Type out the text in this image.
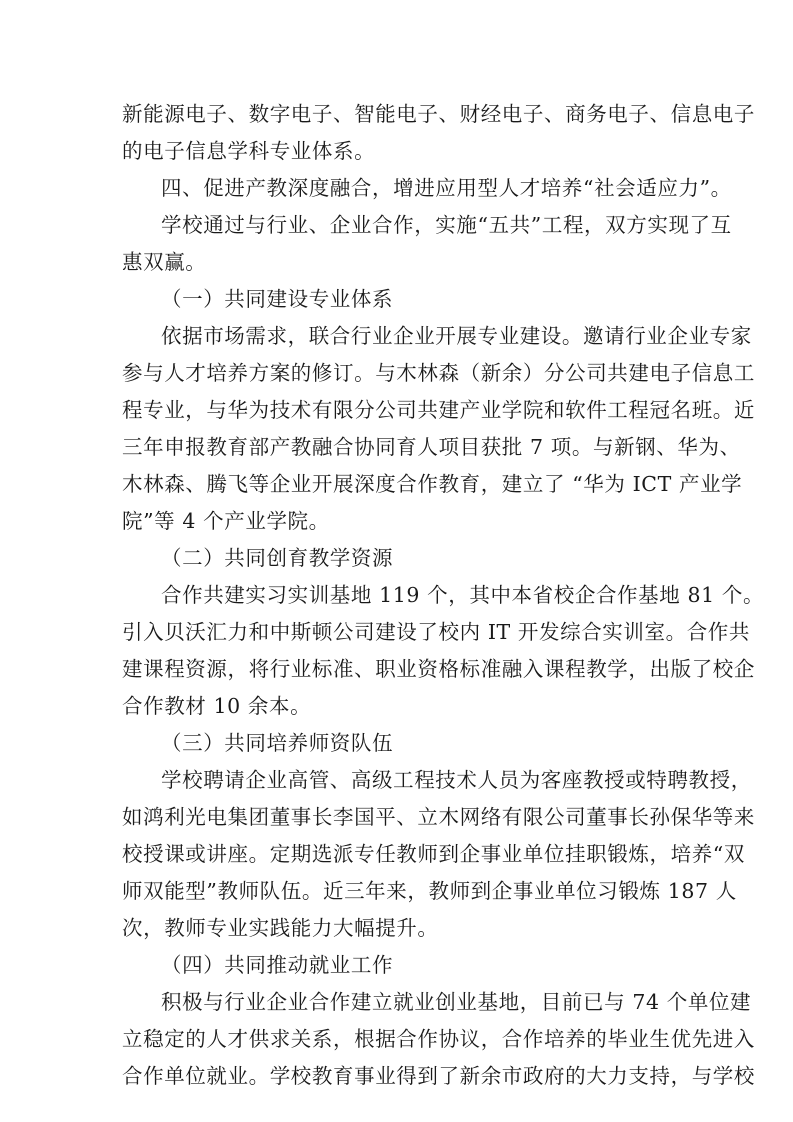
新能源电子、数字电子、智能电子、财经电子、商务电子、信息电子
的电子信息学科专业体系。
四、促进产教深度融合，增进应用型人才培养“社会适应力”。
学校通过与行业、企业合作，实施“五共”工程，双方实现了互
惠双赢。
（一）共同建设专业体系
依据市场需求，联合行业企业开展专业建设。邀请行业企业专家
参与人才培养方案的修订。与木林森（新余）分公司共建电子信息工
程专业，与华为技术有限分公司共建产业学院和软件工程冠名班。近
三年申报教育部产教融合协同育人项目获批 7 项。与新钢、华为、
木林森、腾飞等企业开展深度合作教育，建立了 “华为 ICT 产业学
院”等 4 个产业学院。
（二）共同创育教学资源
合作共建实习实训基地 119 个，其中本省校企合作基地 81 个。
引入贝沃汇力和中斯顿公司建设了校内 IT 开发综合实训室。合作共
建课程资源，将行业标准、职业资格标准融入课程教学，出版了校企
合作教材 10 余本。
（三）共同培养师资队伍
学校聘请企业高管、高级工程技术人员为客座教授或特聘教授，
如鸿利光电集团董事长李国平、立木网络有限公司董事长孙保华等来
校授课或讲座。定期选派专任教师到企事业单位挂职锻炼，培养“双
师双能型”教师队伍。近三年来，教师到企事业单位习锻炼 187 人
次，教师专业实践能力大幅提升。
（四）共同推动就业工作
积极与行业企业合作建立就业创业基地，目前已与 74 个单位建
立稳定的人才供求关系，根据合作协议，合作培养的毕业生优先进入
合作单位就业。学校教育事业得到了新余市政府的大力支持，与学校
